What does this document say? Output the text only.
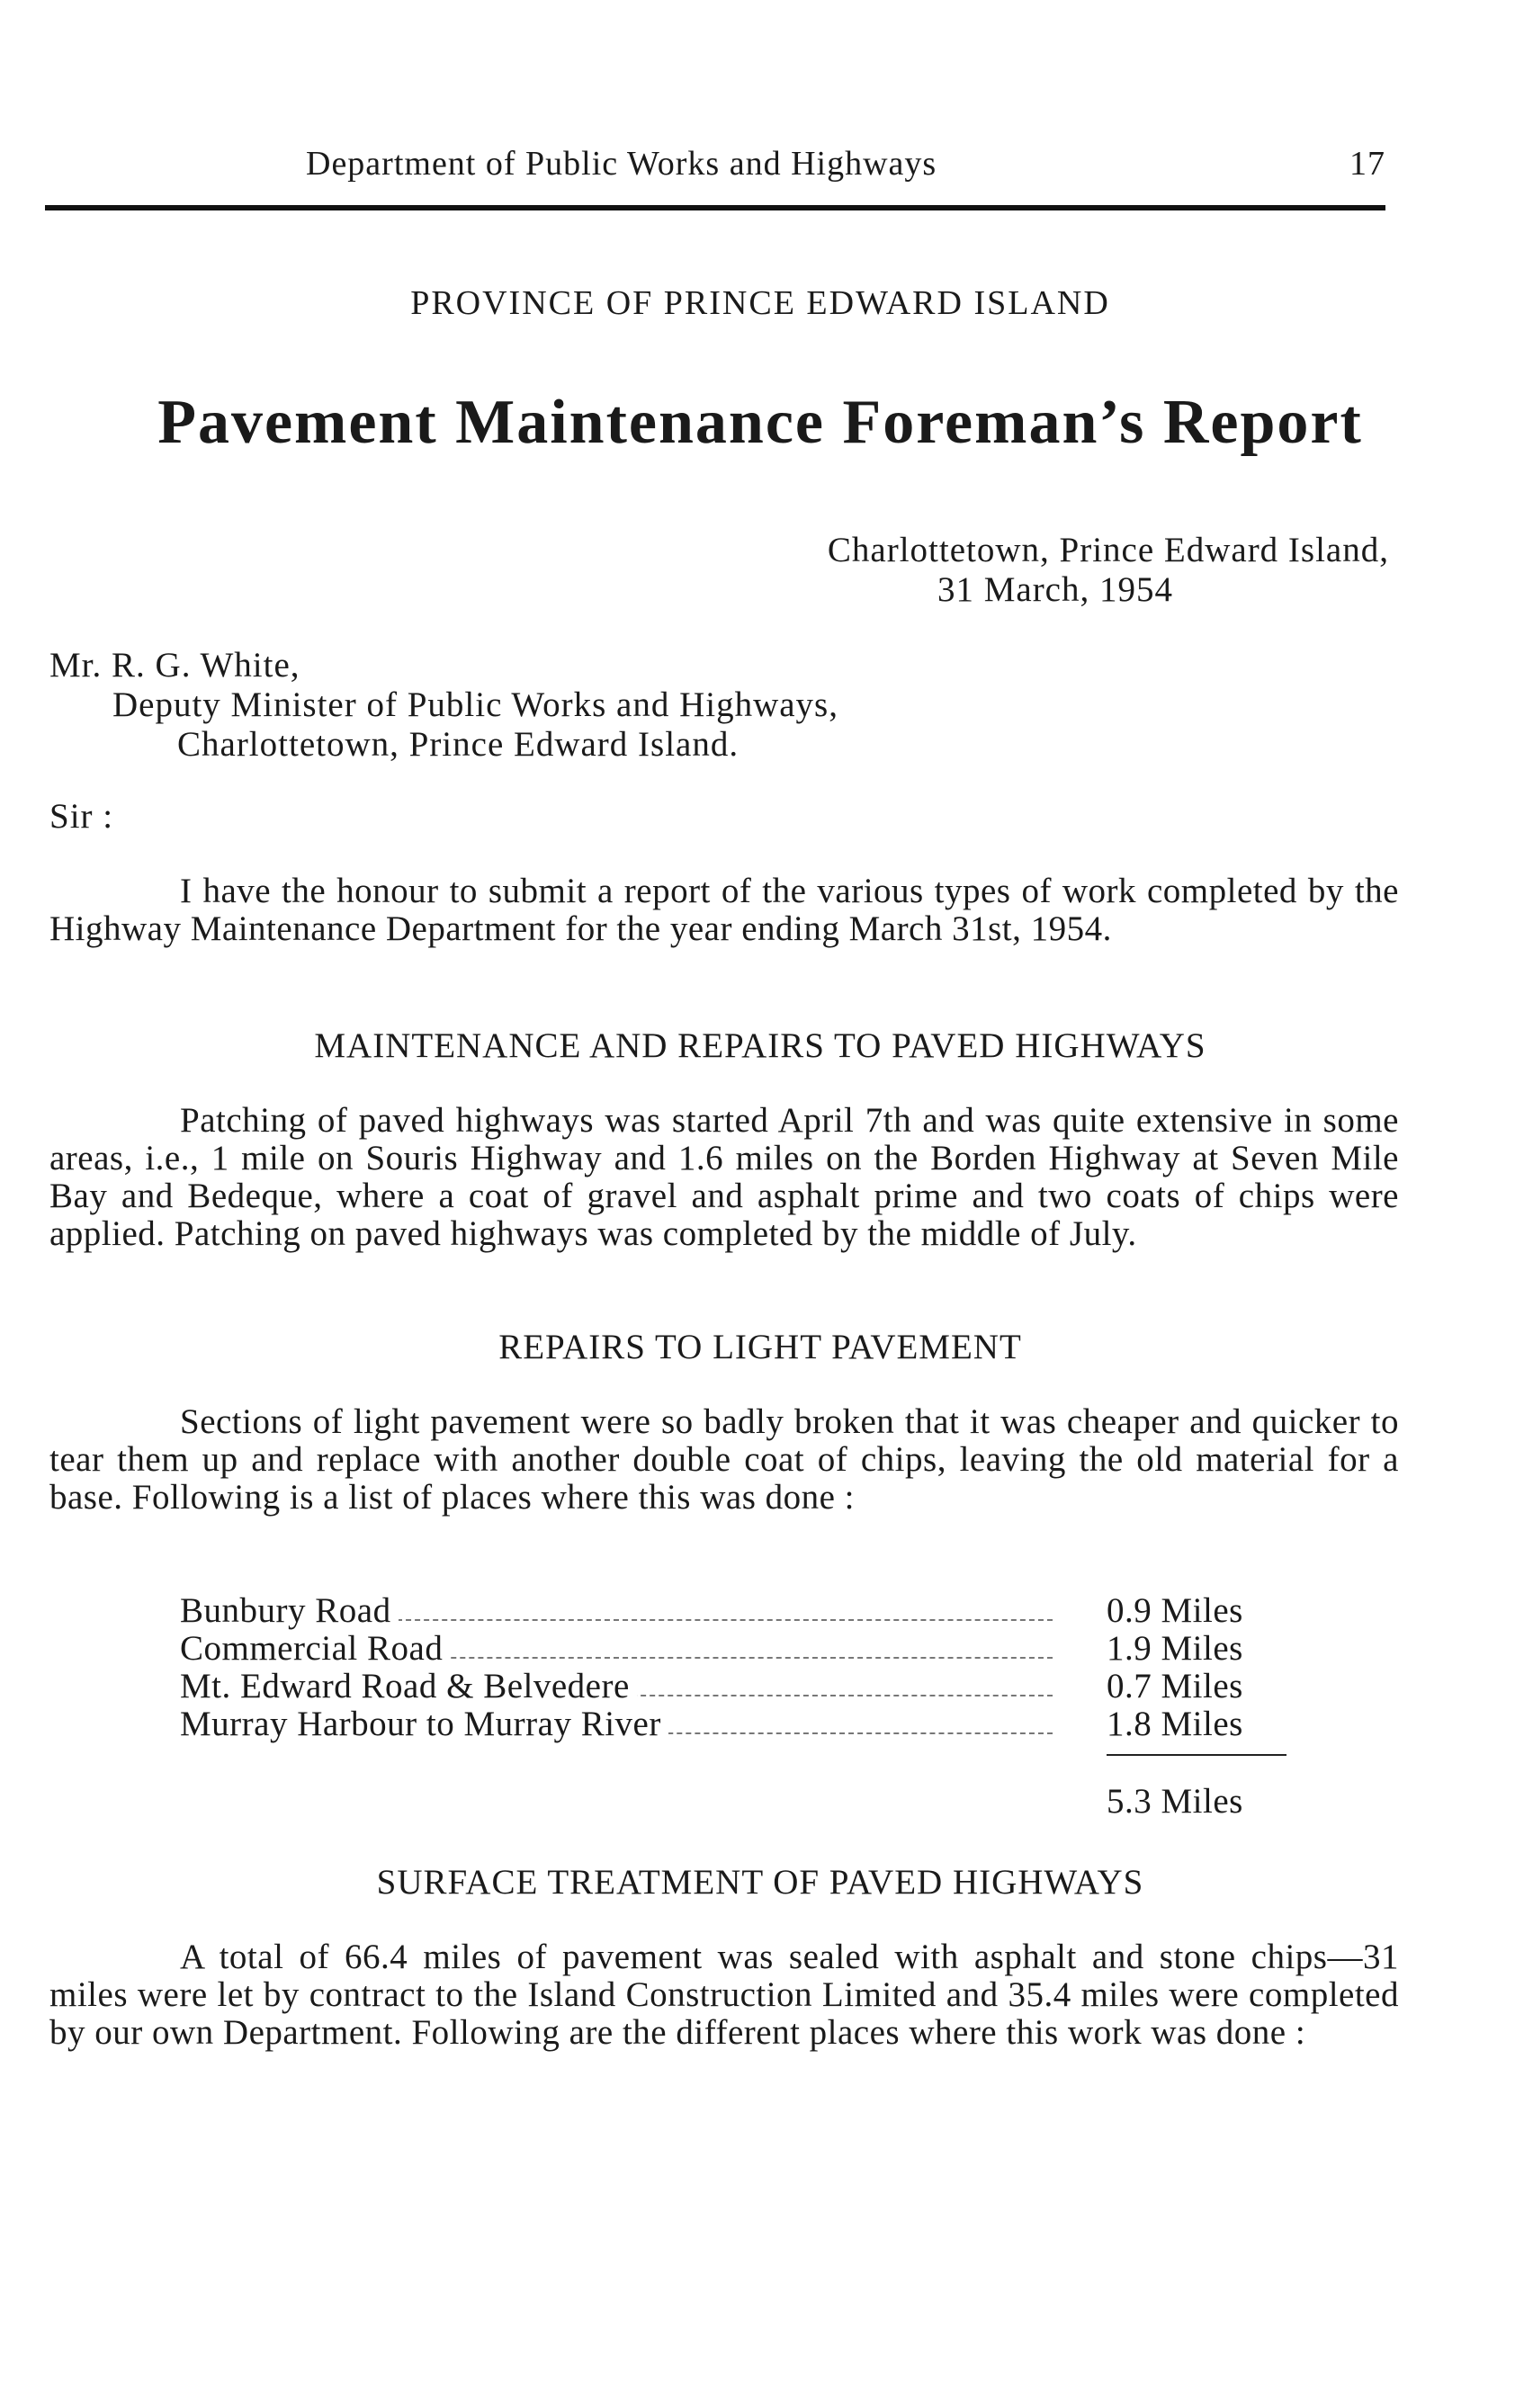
Department of Public Works and Highways	17
PROVINCE OF PRINCE EDWARD ISLAND
Pavement Maintenance Foreman’s Report
Charlottetown, Prince Edward Island,
31 March, 1954
Mr. R. G. White,
Deputy Minister of Public Works and Highways,
Charlottetown, Prince Edward Island.
Sir :

I have the honour to submit a report of the various types of work completed by the Highway Maintenance Department for the year ending March 31st, 1954.

MAINTENANCE AND REPAIRS TO PAVED HIGHWAYS

Patching of paved highways was started April 7th and was quite extensive in some areas, i.e., 1 mile on Souris Highway and 1.6 miles on the Borden Highway at Seven Mile Bay and Bedeque, where a coat of gravel and asphalt prime and two coats of chips were applied. Patching on paved highways was completed by the middle of July.

REPAIRS TO LIGHT PAVEMENT

Sections of light pavement were so badly broken that it was cheaper and quicker to tear them up and replace with another double coat of chips, leaving the old material for a base. Following is a list of places where this was done :

Bunbury Road	0.9 Miles
Commercial Road	1.9 Miles
Mt. Edward Road & Belvedere	0.7 Miles
Murray Harbour to Murray River	1.8 Miles
5.3 Miles
SURFACE TREATMENT OF PAVED HIGHWAYS

A total of 66.4 miles of pavement was sealed with asphalt and stone chips—31 miles were let by contract to the Island Construction Limited and 35.4 miles were completed by our own Department. Following are the different places where this work was done :
